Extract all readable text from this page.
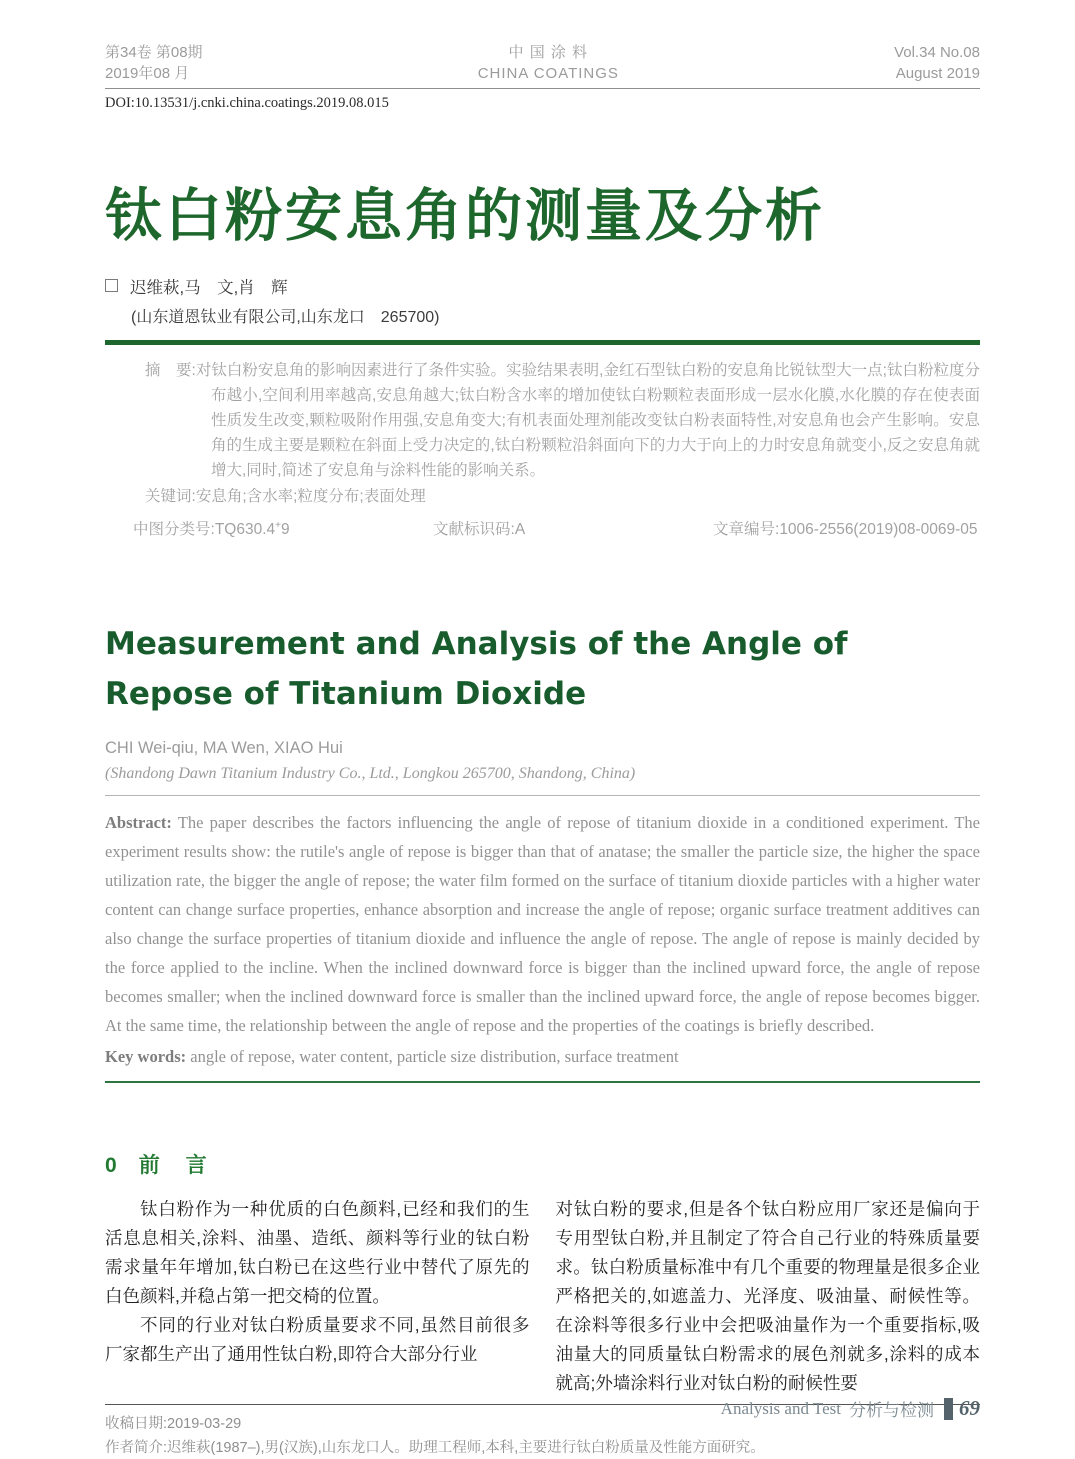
第34卷 第08期
2019年08 月
中 国 涂 料
CHINA COATINGS
Vol.34 No.08
August 2019
DOI:10.13531/j.cnki.china.coatings.2019.08.015
钛白粉安息角的测量及分析
迟维萩,马　文,肖　辉
(山东道恩钛业有限公司,山东龙口　265700)

摘　要:对钛白粉安息角的影响因素进行了条件实验。实验结果表明,金红石型钛白粉的安息角比锐钛型大一点;钛白粉粒度分布越小,空间利用率越高,安息角越大;钛白粉含水率的增加使钛白粉颗粒表面形成一层水化膜,水化膜的存在使表面性质发生改变,颗粒吸附作用强,安息角变大;有机表面处理剂能改变钛白粉表面特性,对安息角也会产生影响。安息角的生成主要是颗粒在斜面上受力决定的,钛白粉颗粒沿斜面向下的力大于向上的力时安息角就变小,反之安息角就增大,同时,简述了安息角与涂料性能的影响关系。

关键词:安息角;含水率;粒度分布;表面处理

中图分类号:TQ630.4+9	文献标识码:A	文章编号:1006-2556(2019)08-0069-05
Measurement and Analysis of the Angle of Repose of Titanium Dioxide
CHI Wei-qiu, MA Wen, XIAO Hui
(Shandong Dawn Titanium Industry Co., Ltd., Longkou 265700, Shandong, China)

Abstract: The paper describes the factors influencing the angle of repose of titanium dioxide in a conditioned experiment. The experiment results show: the rutile's angle of repose is bigger than that of anatase; the smaller the particle size, the higher the space utilization rate, the bigger the angle of repose; the water film formed on the surface of titanium dioxide particles with a higher water content can change surface properties, enhance absorption and increase the angle of repose; organic surface treatment additives can also change the surface properties of titanium dioxide and influence the angle of repose. The angle of repose is mainly decided by the force applied to the incline. When the inclined downward force is bigger than the inclined upward force, the angle of repose becomes smaller; when the inclined downward force is smaller than the inclined upward force, the angle of repose becomes bigger. At the same time, the relationship between the angle of repose and the properties of the coatings is briefly described.

Key words: angle of repose, water content, particle size distribution, surface treatment

0 前言

钛白粉作为一种优质的白色颜料,已经和我们的生活息息相关,涂料、油墨、造纸、颜料等行业的钛白粉需求量年年增加,钛白粉已在这些行业中替代了原先的白色颜料,并稳占第一把交椅的位置。

不同的行业对钛白粉质量要求不同,虽然目前很多厂家都生产出了通用性钛白粉,即符合大部分行业

对钛白粉的要求,但是各个钛白粉应用厂家还是偏向于专用型钛白粉,并且制定了符合自己行业的特殊质量要求。钛白粉质量标准中有几个重要的物理量是很多企业严格把关的,如遮盖力、光泽度、吸油量、耐候性等。在涂料等很多行业中会把吸油量作为一个重要指标,吸油量大的同质量钛白粉需求的展色剂就多,涂料的成本就高;外墙涂料行业对钛白粉的耐候性要

收稿日期:2019-03-29
作者简介:迟维萩(1987–),男(汉族),山东龙口人。助理工程师,本科,主要进行钛白粉质量及性能方面研究。
Analysis and Test 分析与检测 69
